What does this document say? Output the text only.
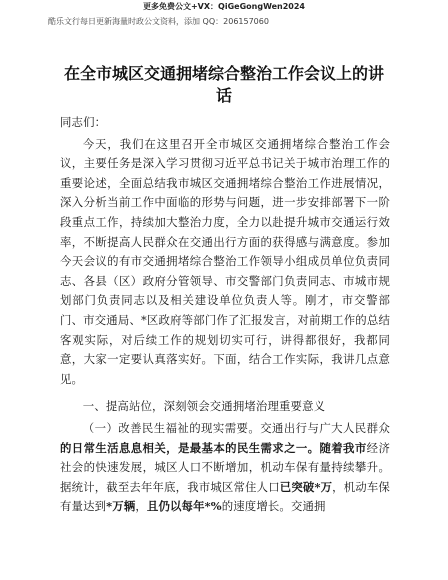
更多免费公文+VX：QiGeGongWen2024
酷乐文行每日更新海量时政公文资料，添加 QQ：206157060
在全市城区交通拥堵综合整治工作会议上的讲话

同志们：

今天，我们在这里召开全市城区交通拥堵综合整治工作会议，主要任务是深入学习贯彻习近平总书记关于城市治理工作的重要论述，全面总结我市城区交通拥堵综合整治工作进展情况，深入分析当前工作中面临的形势与问题，进一步安排部署下一阶段重点工作，持续加大整治力度，全力以赴提升城市交通运行效率，不断提高人民群众在交通出行方面的获得感与满意度。参加今天会议的有市交通拥堵综合整治工作领导小组成员单位负责同志、各县（区）政府分管领导、市交警部门负责同志、市城市规划部门负责同志以及相关建设单位负责人等。刚才，市交警部门、市交通局、*区政府等部门作了汇报发言，对前期工作的总结客观实际，对后续工作的规划切实可行，讲得都很好，我都同意，大家一定要认真落实好。下面，结合工作实际，我讲几点意见。

一、提高站位，深刻领会交通拥堵治理重要意义

（一）改善民生福祉的现实需要。交通出行与广大人民群众的日常生活息息相关，是最基本的民生需求之一。随着我市经济社会的快速发展，城区人口不断增加，机动车保有量持续攀升。据统计，截至去年年底，我市城区常住人口已突破*万，机动车保有量达到*万辆，且仍以每年*%的速度增长。交通拥
